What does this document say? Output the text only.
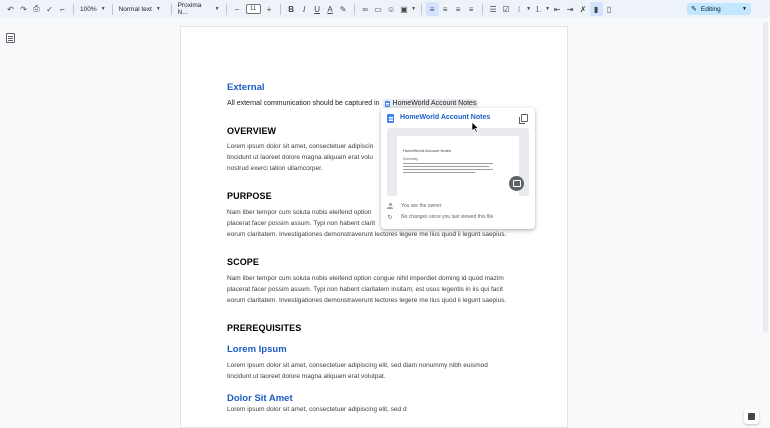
↶ ↷ ⎙ ✓ ⌐	100% ▼ Normal text ▼	Proxima N...	▼	−	11	+	B	I	U A ✎	∞ ▭ ☺ ▣ ▼	≡	≡	≡	≡	☰ ☑	⁝	▼ ⒈ ▼ ⇤ ⇥ ✗ ▮	▯	✎ Editing	▼
External
All external communication should be captured in HomeWorld Account Notes
OVERVIEW
Lorem ipsum dolor sit amet, consectetuer adipiscin
tincidunt ut laoreet dolore magna aliquam erat volu
nostrud exerci tation ullamcorper.
PURPOSE
Nam liber tempor cum soluta nobis eleifend option
placerat facer possim assum. Typi non habent clarit
eorum claritatem. Investigationes demonstraverunt lectores legere me lius quod ii legunt saepius.
SCOPE
Nam liber tempor cum soluta nobis eleifend option congue nihil imperdiet doming id quod mazim
placerat facer possim assum. Typi non habent claritatem insitam; est usus legentis in iis qui facit
eorum claritatem. Investigationes demonstraverunt lectores legere me lius quod ii legunt saepius.
PREREQUISITES
Lorem Ipsum
Lorem ipsum dolor sit amet, consectetuer adipiscing elit, sed diam nonummy nibh euismod
tincidunt ut laoreet dolore magna aliquam erat volutpat.
Dolor Sit Amet
Lorem ipsum dolor sit amet, consectetuer adipiscing elit, sed d
HomeWorld Account Notes
HomeWorld Account Notes
Summary
You are the owner
↻ No changes since you last viewed this file
